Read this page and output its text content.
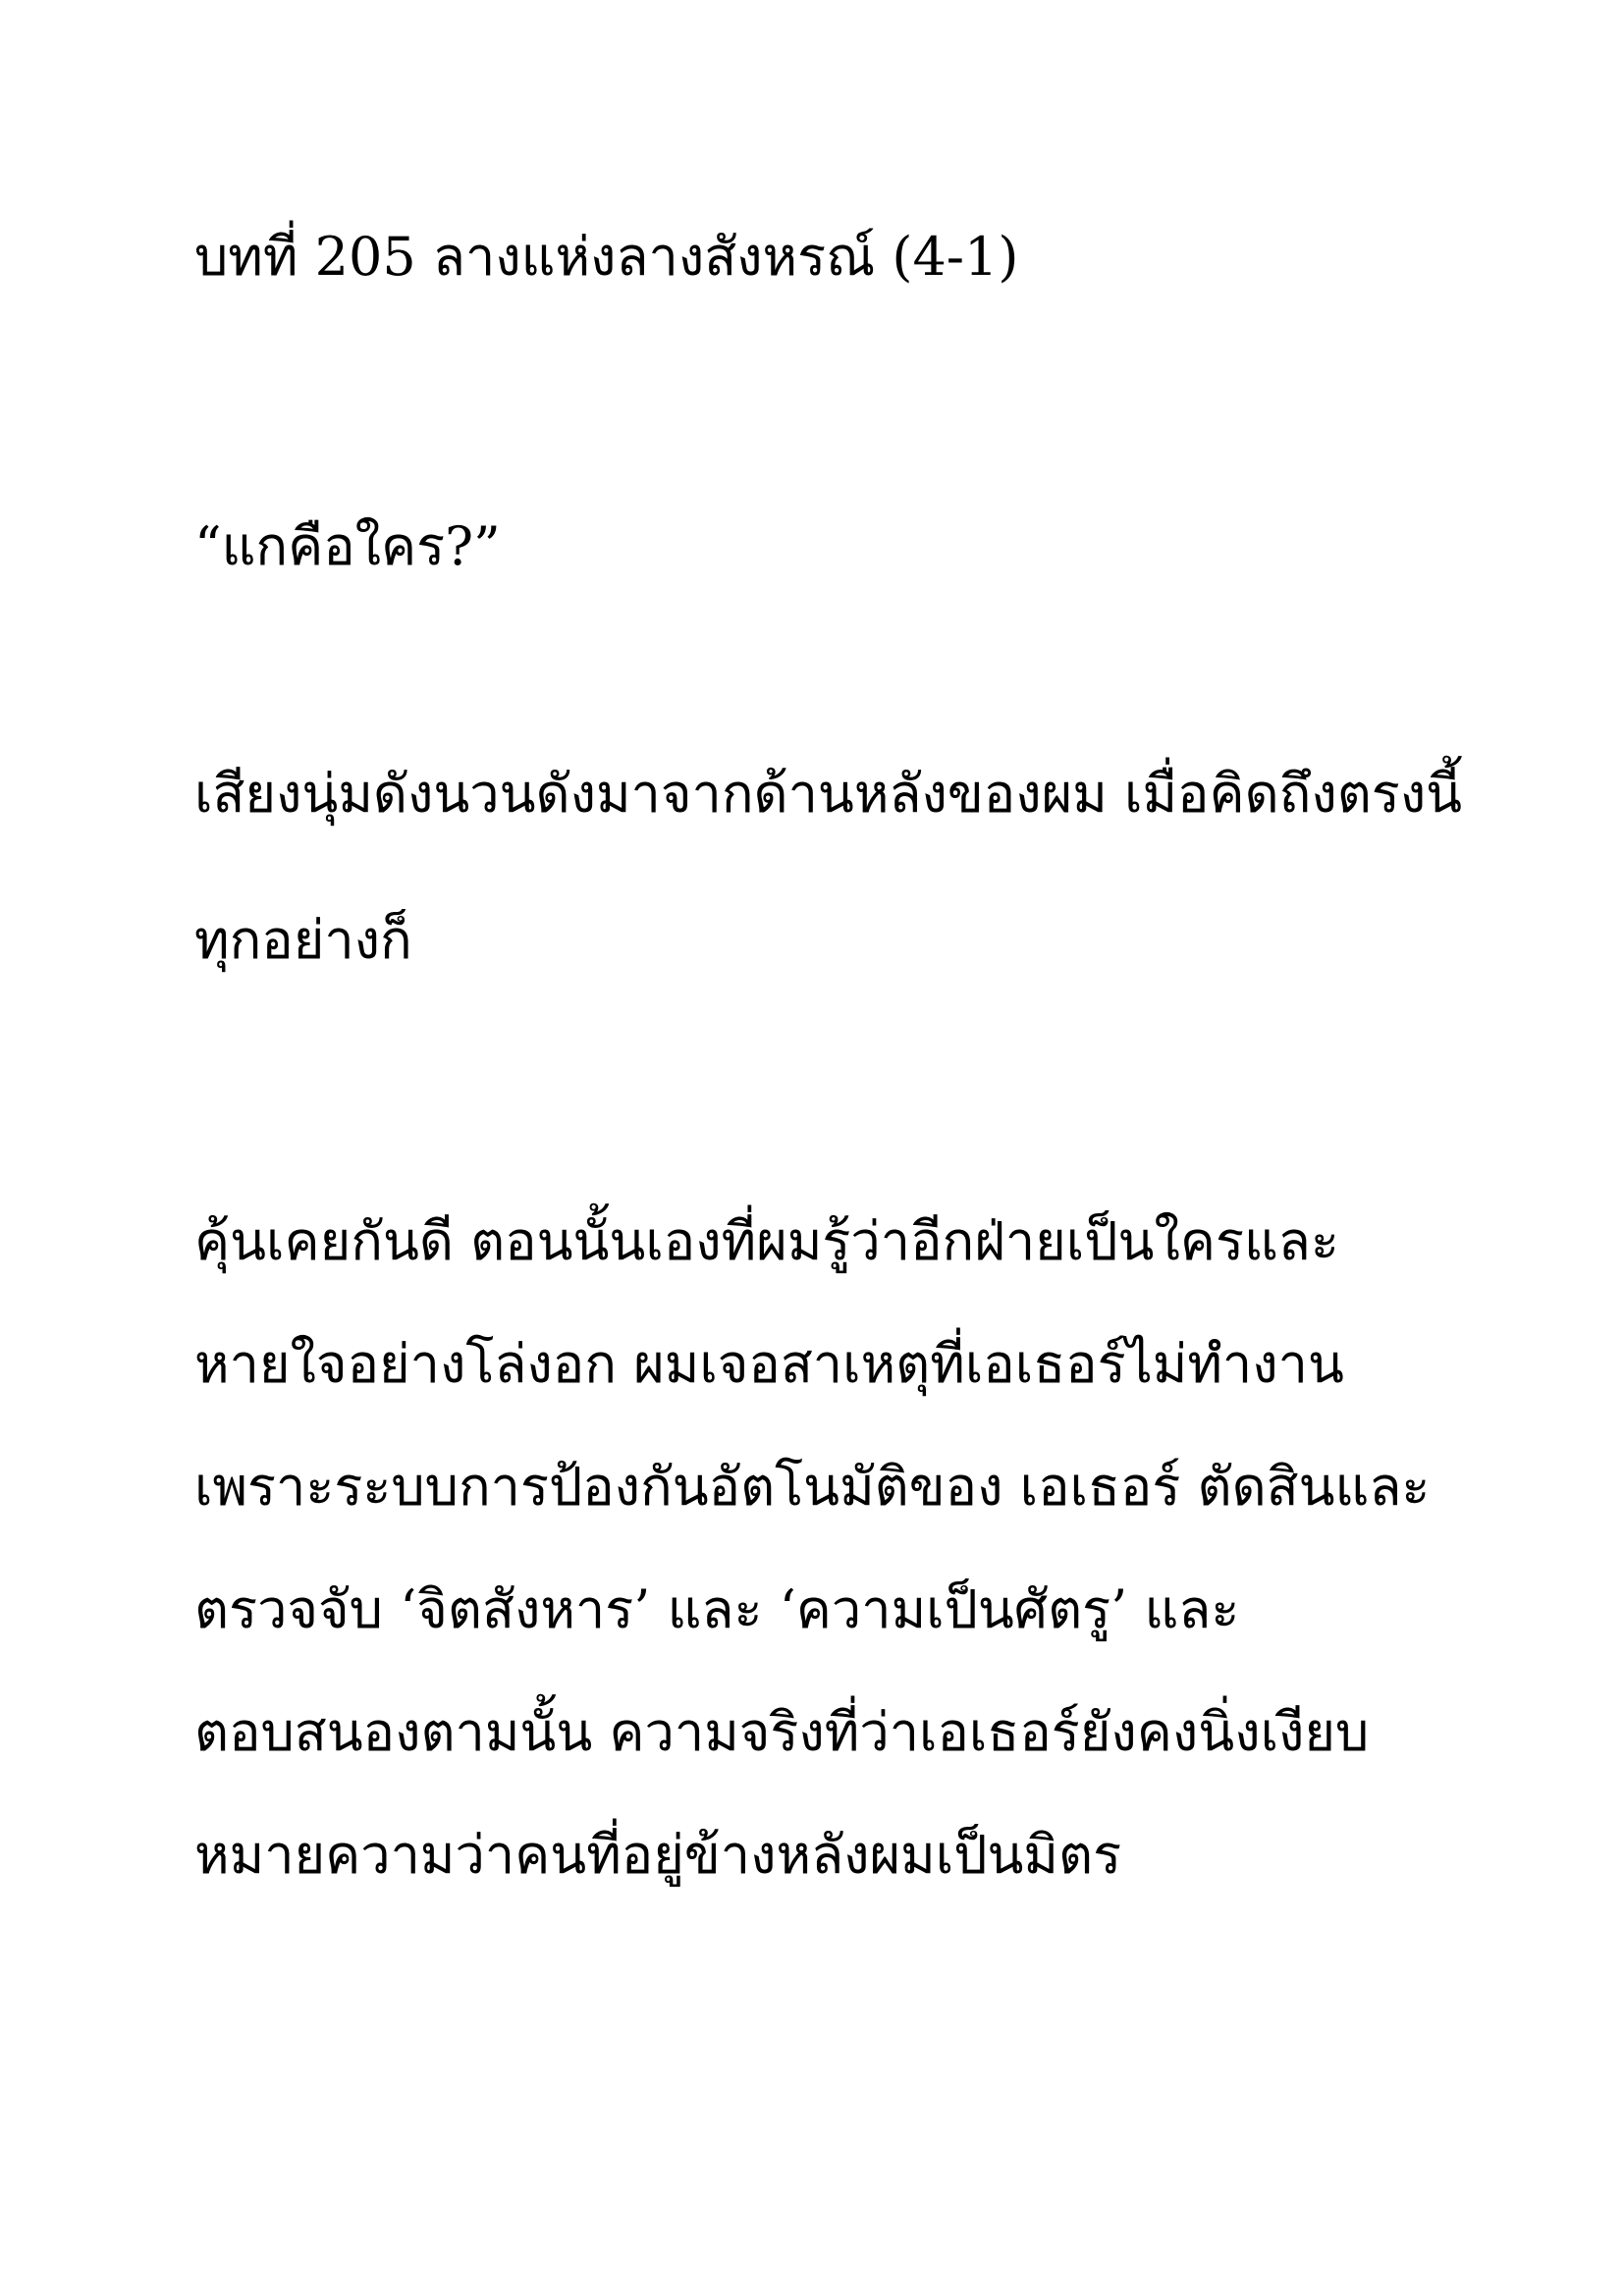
บทที่ 205 ลางแห่งลางสังหรณ์ (4-1)

“แกคือใคร?”

เสียงนุ่มดังนวนดังมาจากด้านหลังของผม เมื่อคิดถึงตรงนี้

ทุกอย่างก็

คุ้นเคยกันดี ตอนนั้นเองที่ผมรู้ว่าอีกฝ่ายเป็นใครและ

หายใจอย่างโล่งอก ผมเจอสาเหตุที่เอเธอร์ไม่ทำงาน

เพราะระบบการป้องกันอัตโนมัติของ เอเธอร์ ตัดสินและ

ตรวจจับ ‘จิตสังหาร’ และ ‘ความเป็นศัตรู’ และ

ตอบสนองตามนั้น ความจริงที่ว่าเอเธอร์ยังคงนิ่งเงียบ

หมายความว่าคนที่อยู่ข้างหลังผมเป็นมิตร
